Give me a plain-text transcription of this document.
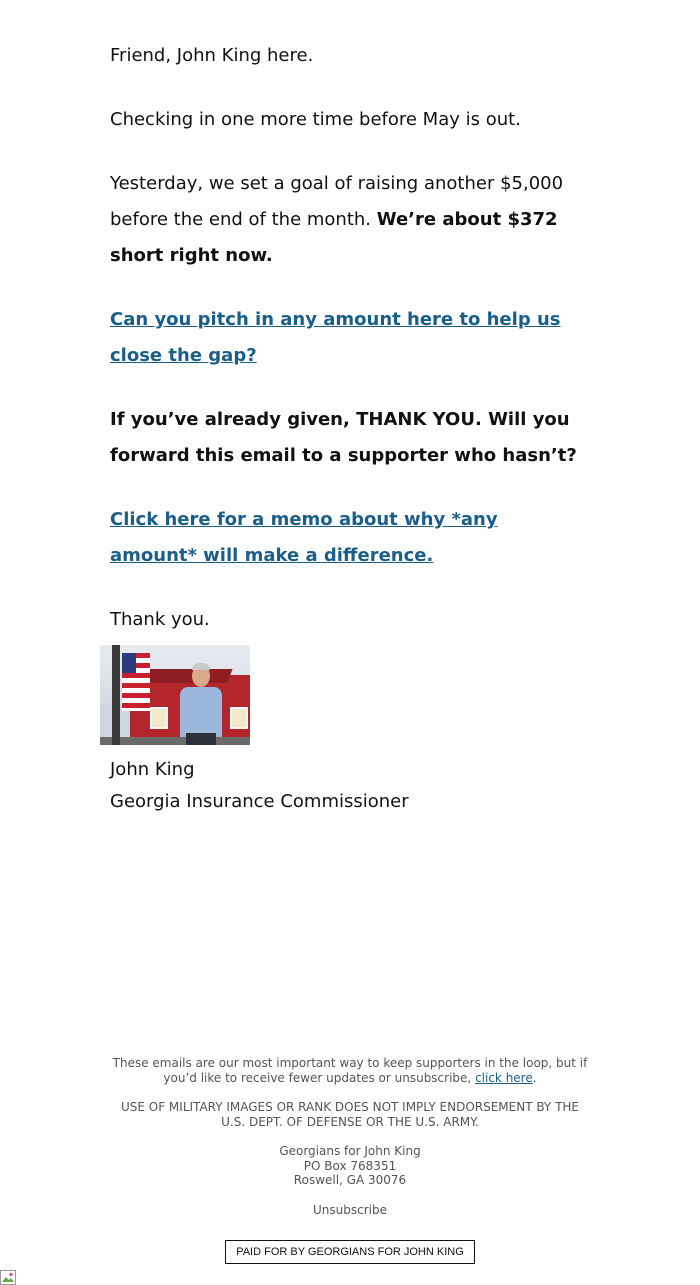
Friend, John King here.

Checking in one more time before May is out.

Yesterday, we set a goal of raising another $5,000 before the end of the month. We’re about $372 short right now.

Can you pitch in any amount here to help us close the gap?

If you’ve already given, THANK YOU. Will you forward this email to a supporter who hasn’t?

Click here for a memo about why *any amount* will make a difference.

Thank you.

John King
Georgia Insurance Commissioner

These emails are our most important way to keep supporters in the loop, but if you’d like to receive fewer updates or unsubscribe, click here.

USE OF MILITARY IMAGES OR RANK DOES NOT IMPLY ENDORSEMENT BY THE U.S. DEPT. OF DEFENSE OR THE U.S. ARMY.

Georgians for John King

PO Box 768351

Roswell, GA 30076

Unsubscribe

PAID FOR BY GEORGIANS FOR JOHN KING
